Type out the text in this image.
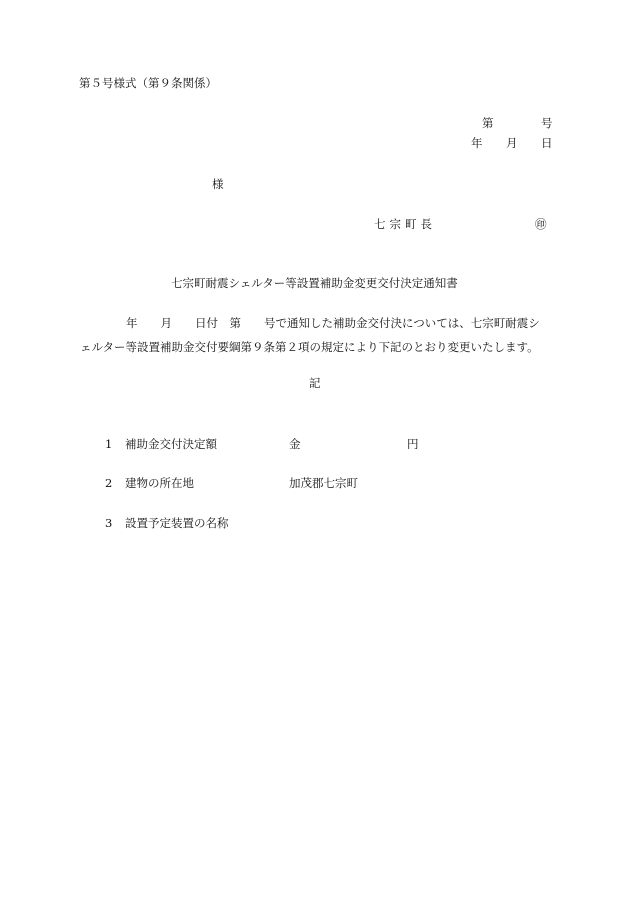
第５号様式（第９条関係）
第	号
年 月 日
様
七宗町長	㊞
七宗町耐震シェルター等設置補助金変更交付決定通知書
　　　　年　　月　　日付　第　　号で通知した補助金交付決については、七宗町耐震シ
ェルター等設置補助金交付要綱第９条第２項の規定により下記のとおり変更いたします。
記
1 補助金交付決定額	金	円
2 建物の所在地	加茂郡七宗町
3 設置予定装置の名称
